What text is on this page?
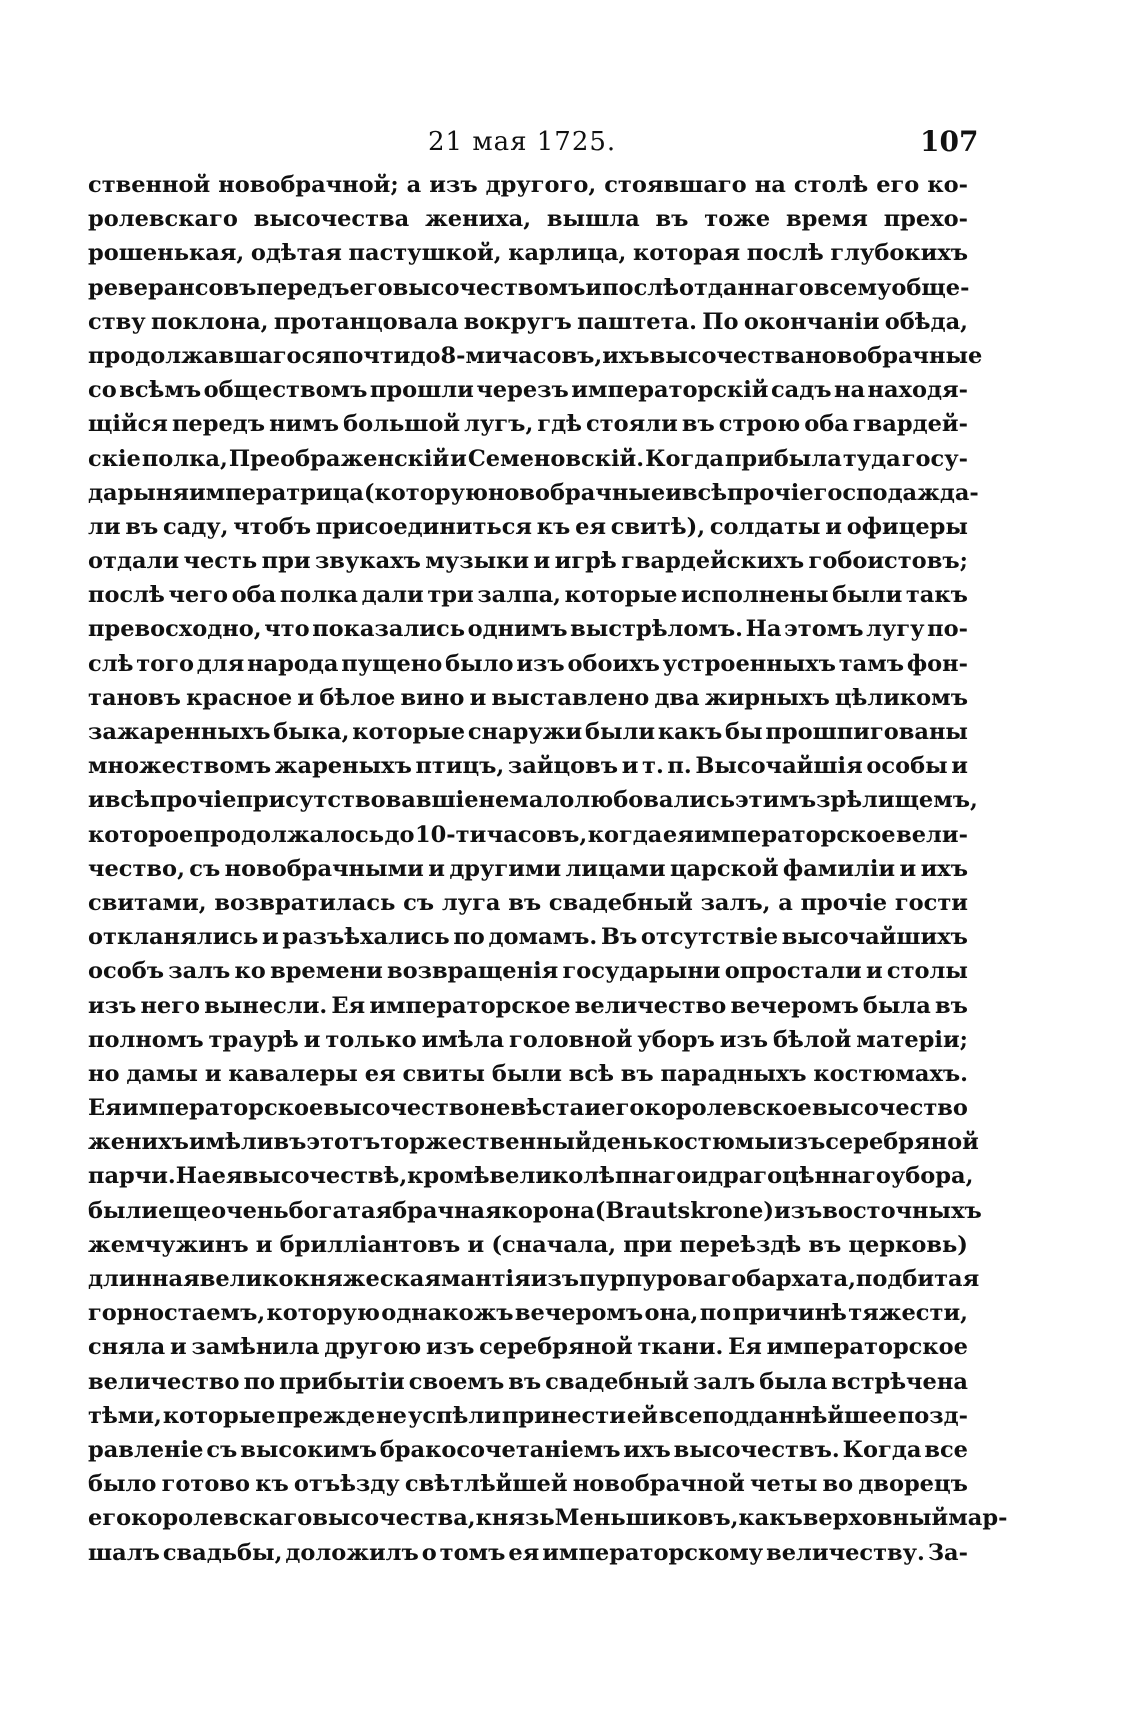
21 мая 1725.	107
ственной новобрачной; а изъ другого, стоявшаго на столѣ его ко-
ролевскаго высочества жениха, вышла въ тоже время прехо-
рошенькая, одѣтая пастушкой, карлица, которая послѣ глубокихъ
реверансовъ передъ его высочествомъ и послѣ отданнаго всему обще-
ству поклона, протанцовала вокругъ паштета. По окончаніи обѣда,
продолжавшагося почти до 8-ми часовъ, ихъ высочества новобрачные
со всѣмъ обществомъ прошли черезъ императорскій садъ на находя-
щійся передъ нимъ большой лугъ, гдѣ стояли въ строю оба гвардей-
скіе полка, Преображенскій и Семеновскій. Когда прибыла туда госу-
дарыня императрица (которую новобрачные и всѣ прочіе господа жда-
ли въ саду, чтобъ присоединиться къ ея свитѣ), солдаты и офицеры
отдали честь при звукахъ музыки и игрѣ гвардейскихъ гобоистовъ;
послѣ чего оба полка дали три залпа, которые исполнены были такъ
превосходно, что показались однимъ выстрѣломъ. На этомъ лугу по-
слѣ того для народа пущено было изъ обоихъ устроенныхъ тамъ фон-
тановъ красное и бѣлое вино и выставлено два жирныхъ цѣликомъ
зажаренныхъ быка, которые снаружи были какъ бы прошпигованы
множествомъ жареныхъ птицъ, зайцовъ и т. п. Высочайшія особы и
и всѣ прочіе присутствовавшіе немало любовались этимъ зрѣлищемъ,
которое продолжалось до 10-ти часовъ, когда ея императорское вели-
чество, съ новобрачными и другими лицами царской фамиліи и ихъ
свитами, возвратилась съ луга въ свадебный залъ, а прочіе гости
откланялись и разъѣхались по домамъ. Въ отсутствіе высочайшихъ
особъ залъ ко времени возвращенія государыни опростали и столы
изъ него вынесли. Ея императорское величество вечеромъ была въ
полномъ траурѣ и только имѣла головной уборъ изъ бѣлой матеріи;
но дамы и кавалеры ея свиты были всѣ въ парадныхъ костюмахъ.
Ея императорское высочество невѣста и его королевское высочество
женихъ имѣли въ этотъ торжественный день костюмы изъ серебряной
парчи. На ея высочествѣ, кромѣ великолѣпнаго и драгоцѣннаго убора,
были еще очень богатая брачная корона (Brautskrone) изъ восточныхъ
жемчужинъ и брилліантовъ и (сначала, при переѣздѣ въ церковь)
длинная великокняжеская мантія изъ пурпуроваго бархата, подбитая
горностаемъ, которую однакожъ вечеромъ она, по причинѣ тяжести,
сняла и замѣнила другою изъ серебряной ткани. Ея императорское
величество по прибытіи своемъ въ свадебный залъ была встрѣчена
тѣми, которые прежде не успѣли принести ей всеподданнѣйшее позд-
равленіе съ высокимъ бракосочетаніемъ ихъ высочествъ. Когда все
было готово къ отъѣзду свѣтлѣйшей новобрачной четы во дворецъ
его королевскаго высочества, князь Меньшиковъ, какъ верховный мар-
шалъ свадьбы, доложилъ о томъ ея императорскому величеству. За-
